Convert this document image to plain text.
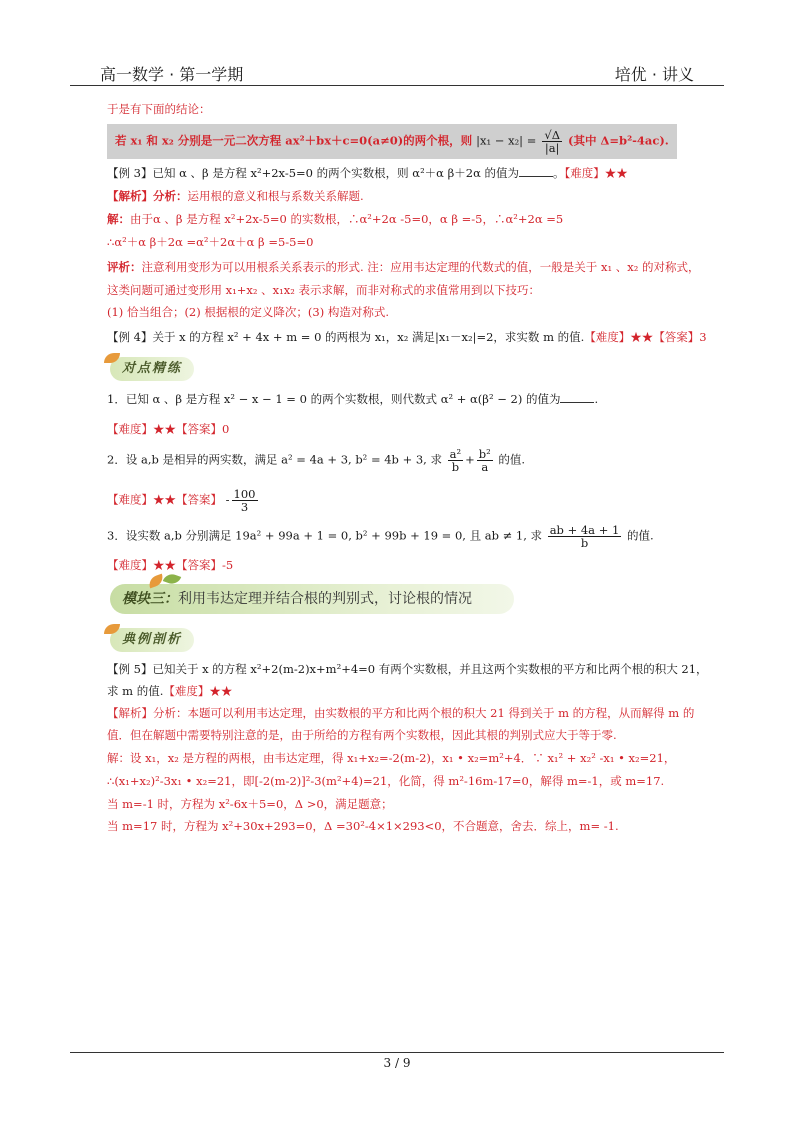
高一数学 · 第一学期	培优 · 讲义
于是有下面的结论：
若 x₁ 和 x₂ 分别是一元二次方程 ax²＋bx＋c=0(a≠0)的两个根，则 $|x_1 - x_2| = \frac{√\Delta}{|a|}$ (其中 Δ=b²-4ac).
【例 3】已知 α 、β 是方程 x²+2x-5=0 的两个实数根，则 α²＋α β＋2α 的值为	。【难度】★★
【解析】分析：运用根的意义和根与系数关系解题.
解：由于α 、β 是方程 x²+2x-5=0 的实数根，∴α²+2α -5=0，α β =-5，∴α²+2α =5
∴α²＋α β＋2α =α²＋2α＋α β =5-5=0
评析：注意利用变形为可以用根系关系表示的形式. 注：应用韦达定理的代数式的值，一般是关于 x₁ 、x₂ 的对称式，
这类问题可通过变形用 x₁+x₂ 、x₁x₂ 表示求解，而非对称式的求值常用到以下技巧：
(1) 恰当组合；(2) 根据根的定义降次；(3) 构造对称式.
【例 4】关于 x 的方程 x² + 4x + m = 0 的两根为 x₁，x₂ 满足|x₁－x₂|=2，求实数 m 的值.【难度】★★【答案】3
对点精练
1．已知 α 、β 是方程 x² − x − 1 = 0 的两个实数根，则代数式 α² + α(β² − 2) 的值为	.
【难度】★★【答案】0
2．设 a,b 是相异的两实数，满足 a² = 4a + 3, b² = 4b + 3, 求 $\frac{\text{a²}}{b} + \frac{\text{b²}}{a}$ 的值.
【难度】★★【答案】 - $\frac{100}{3}$
3．设实数 a,b 分别满足 19a² + 99a + 1 = 0, b² + 99b + 19 = 0, 且 ab ≠ 1, 求 $\frac{ab + 4a + 1}{b}$ 的值.
【难度】★★【答案】-5
模块三：利用韦达定理并结合根的判别式，讨论根的情况
典例剖析
【例 5】已知关于 x 的方程 x²+2(m-2)x+m²+4=0 有两个实数根，并且这两个实数根的平方和比两个根的积大 21，
求 m 的值.【难度】★★
【解析】分析：本题可以利用韦达定理，由实数根的平方和比两个根的积大 21 得到关于 m 的方程，从而解得 m 的
值．但在解题中需要特别注意的是，由于所给的方程有两个实数根，因此其根的判别式应大于等于零.
解：设 x₁，x₂ 是方程的两根，由韦达定理，得 x₁+x₂=-2(m-2)，x₁ • x₂=m²+4．∵ x₁² + x₂² -x₁ • x₂=21，
∴(x₁+x₂)²-3x₁ • x₂=21，即[-2(m-2)]²-3(m²+4)=21，化简，得 m²-16m-17=0，解得 m=-1，或 m=17.
当 m=-1 时，方程为 x²-6x＋5=0，Δ >0，满足题意；
当 m=17 时，方程为 x²+30x+293=0，Δ =30²-4×1×293<0，不合题意，舍去．综上，m= -1.
3 / 9
